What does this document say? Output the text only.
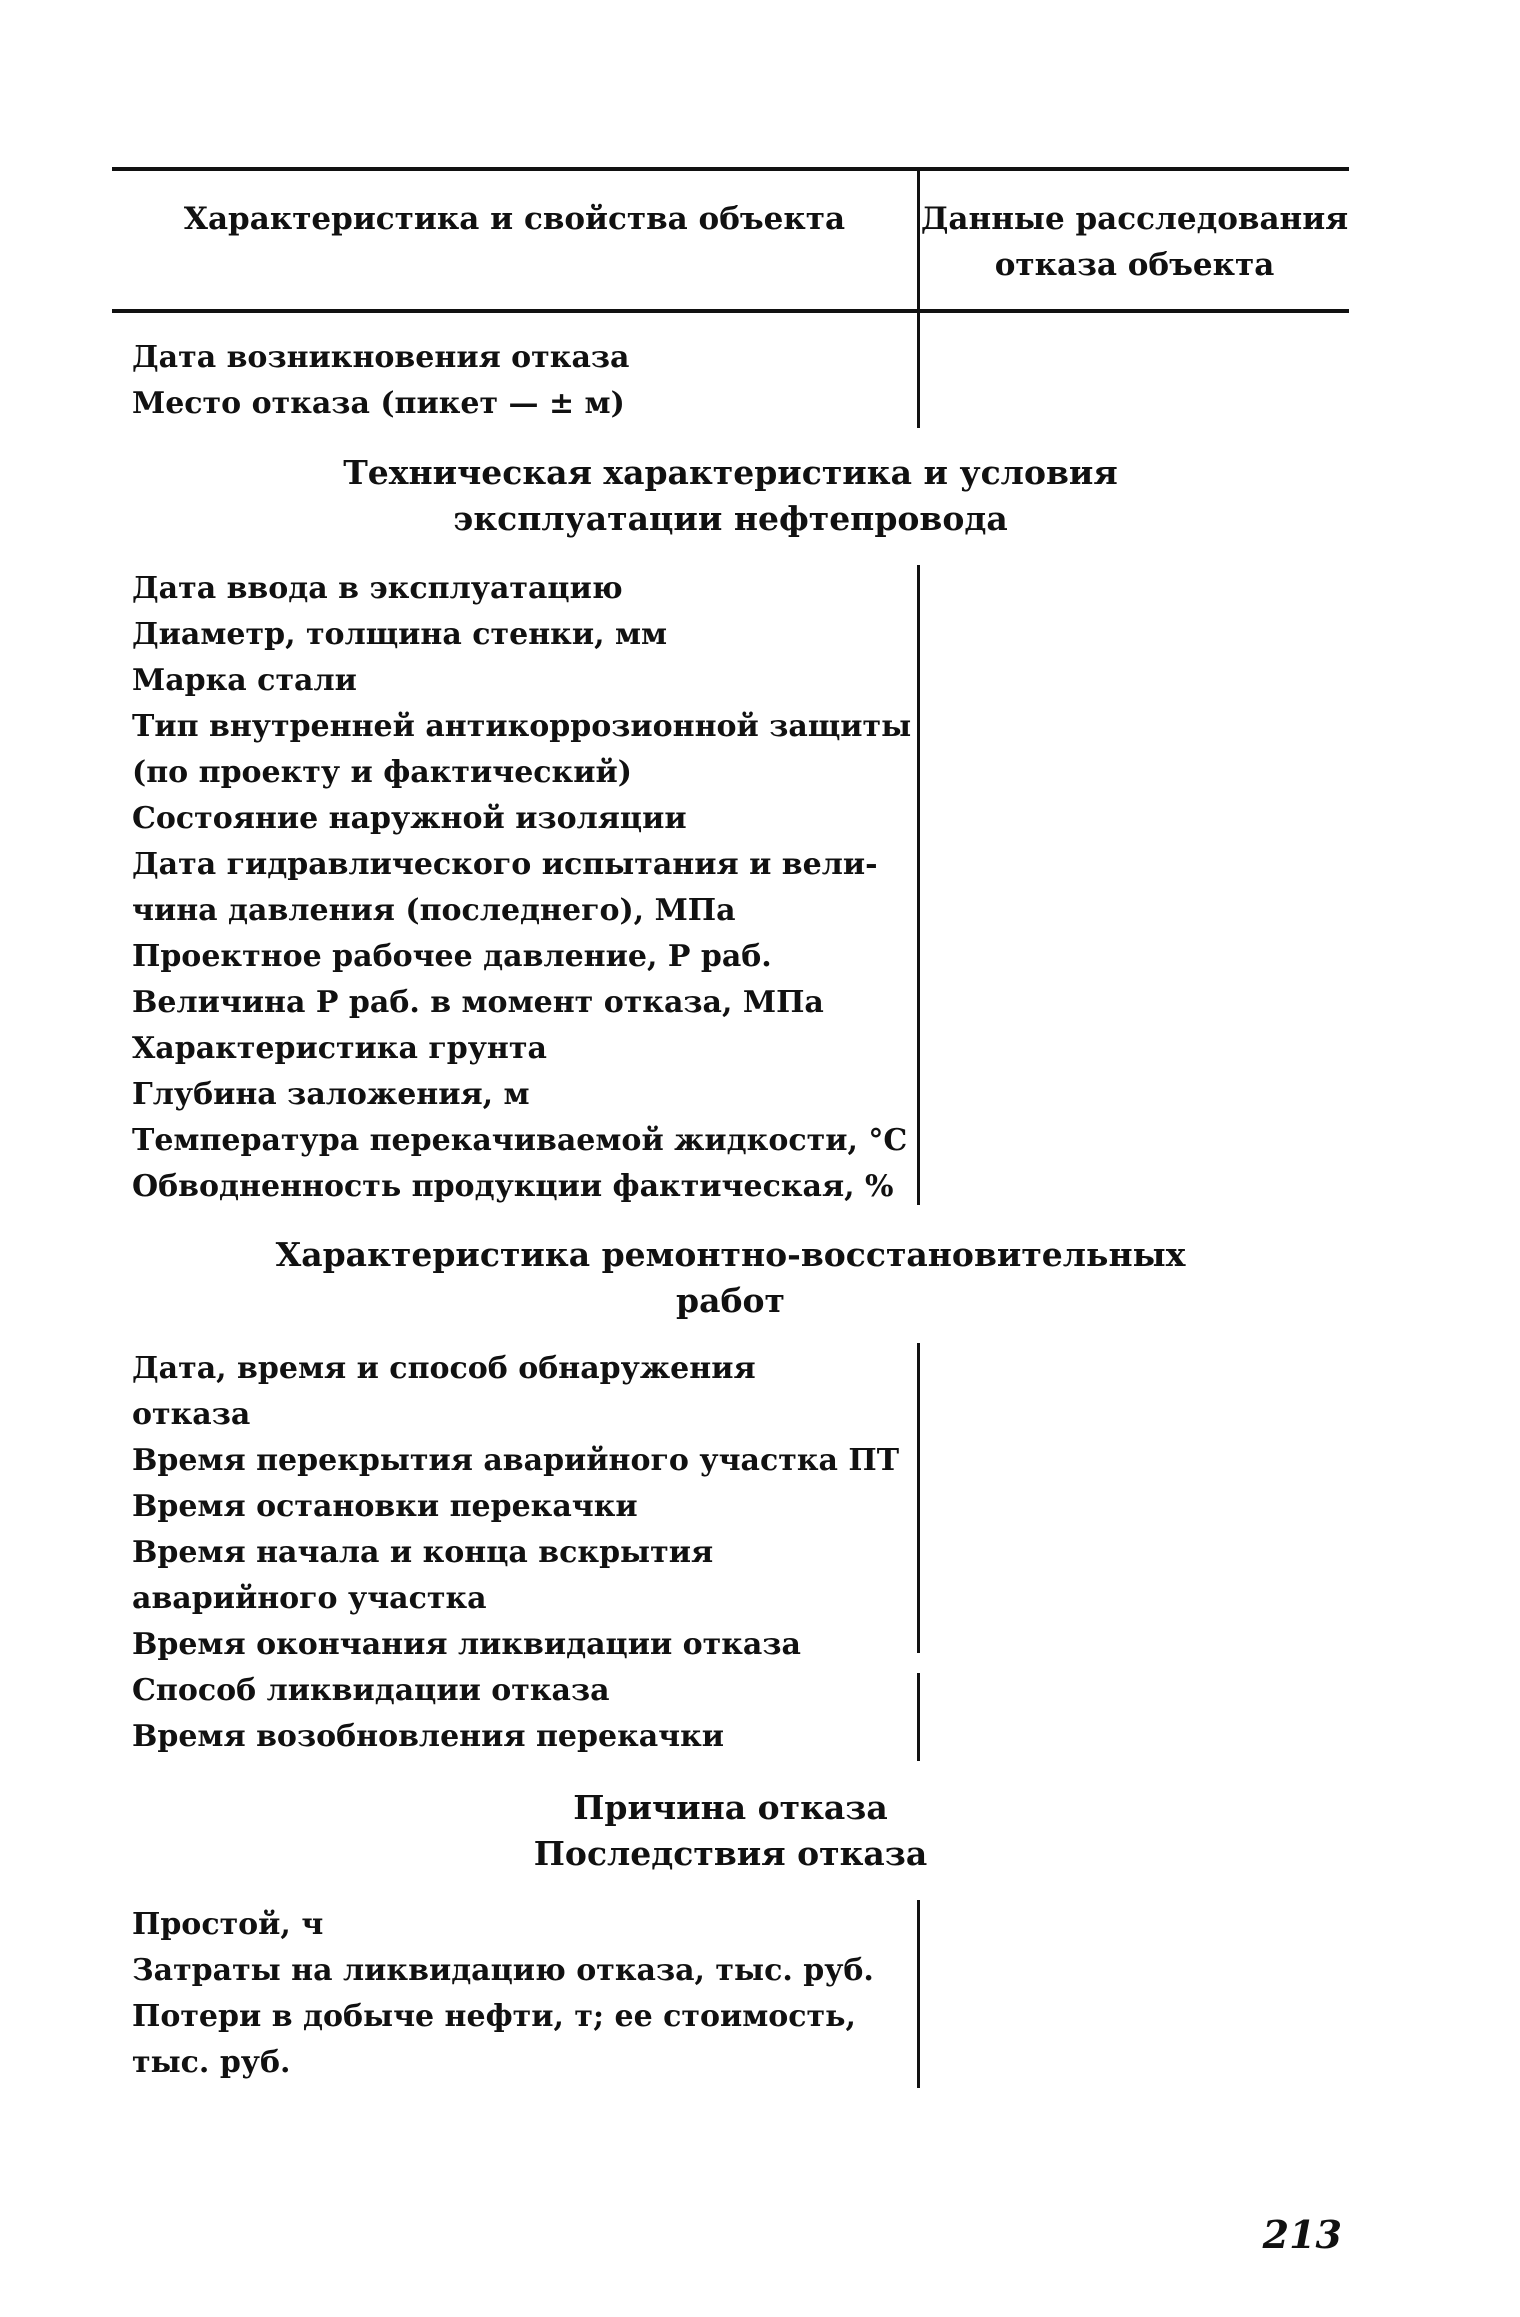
Характеристика и свойства объекта	Данные расследования
отказа объекта
Дата возникновения отказа
Место отказа (пикет — ± м)
Техническая характеристика и условия
эксплуатации нефтепровода
Дата ввода в эксплуатацию
Диаметр, толщина стенки, мм
Марка стали
Тип внутренней антикоррозионной защиты
(по проекту и фактический)
Состояние наружной изоляции
Дата гидравлического испытания и вели-
чина давления (последнего), МПа
Проектное рабочее давление, Р раб.
Величина Р раб. в момент отказа, МПа
Характеристика грунта
Глубина заложения, м
Температура перекачиваемой жидкости, °С
Обводненность продукции фактическая, %
Характеристика ремонтно-восстановительных
работ
Дата, время и способ обнаружения
отказа
Время перекрытия аварийного участка ПТ
Время остановки перекачки
Время начала и конца вскрытия
аварийного участка
Время окончания ликвидации отказа
Способ ликвидации отказа
Время возобновления перекачки
Причина отказа
Последствия отказа
Простой, ч
Затраты на ликвидацию отказа, тыс. руб.
Потери в добыче нефти, т; ее стоимость,
тыс. руб.
213
